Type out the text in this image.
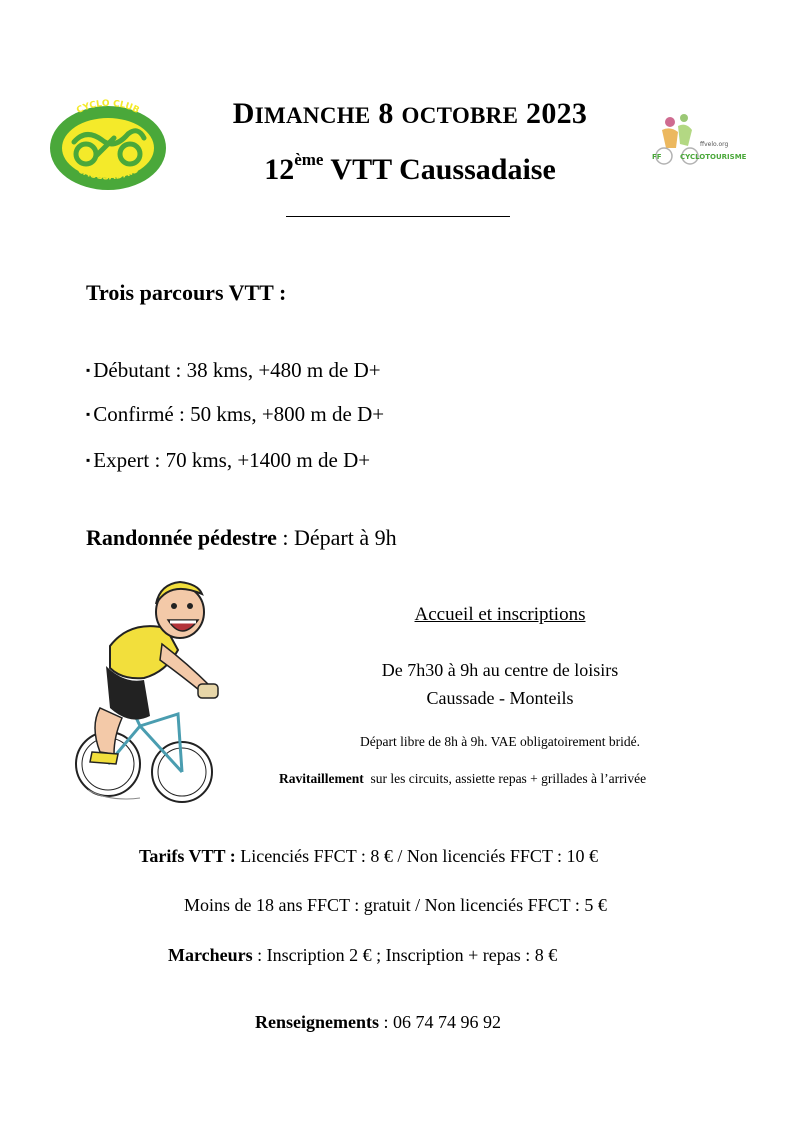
CYCLO CLUB
CAUSSADAIS
ffvelo.org
FF	CYCLOTOURISME
DIMANCHE 8 OCTOBRE 2023
12ème VTT Caussadaise
Trois parcours VTT :
▪ Débutant : 38 kms, +480 m de D+
▪ Confirmé : 50 kms, +800 m de D+
▪ Expert : 70 kms, +1400 m de D+
Randonnée pédestre : Départ à 9h
Accueil et inscriptions
De 7h30 à 9h au centre de loisirs
Caussade - Monteils
Départ libre de 8h à 9h. VAE obligatoirement bridé.
Ravitaillement  sur les circuits, assiette repas + grillades à l’arrivée
Tarifs VTT : Licenciés FFCT : 8 € / Non licenciés FFCT : 10 €
Moins de 18 ans FFCT : gratuit / Non licenciés FFCT : 5 €
Marcheurs : Inscription 2 € ; Inscription + repas : 8 €
Renseignements : 06 74 74 96 92
